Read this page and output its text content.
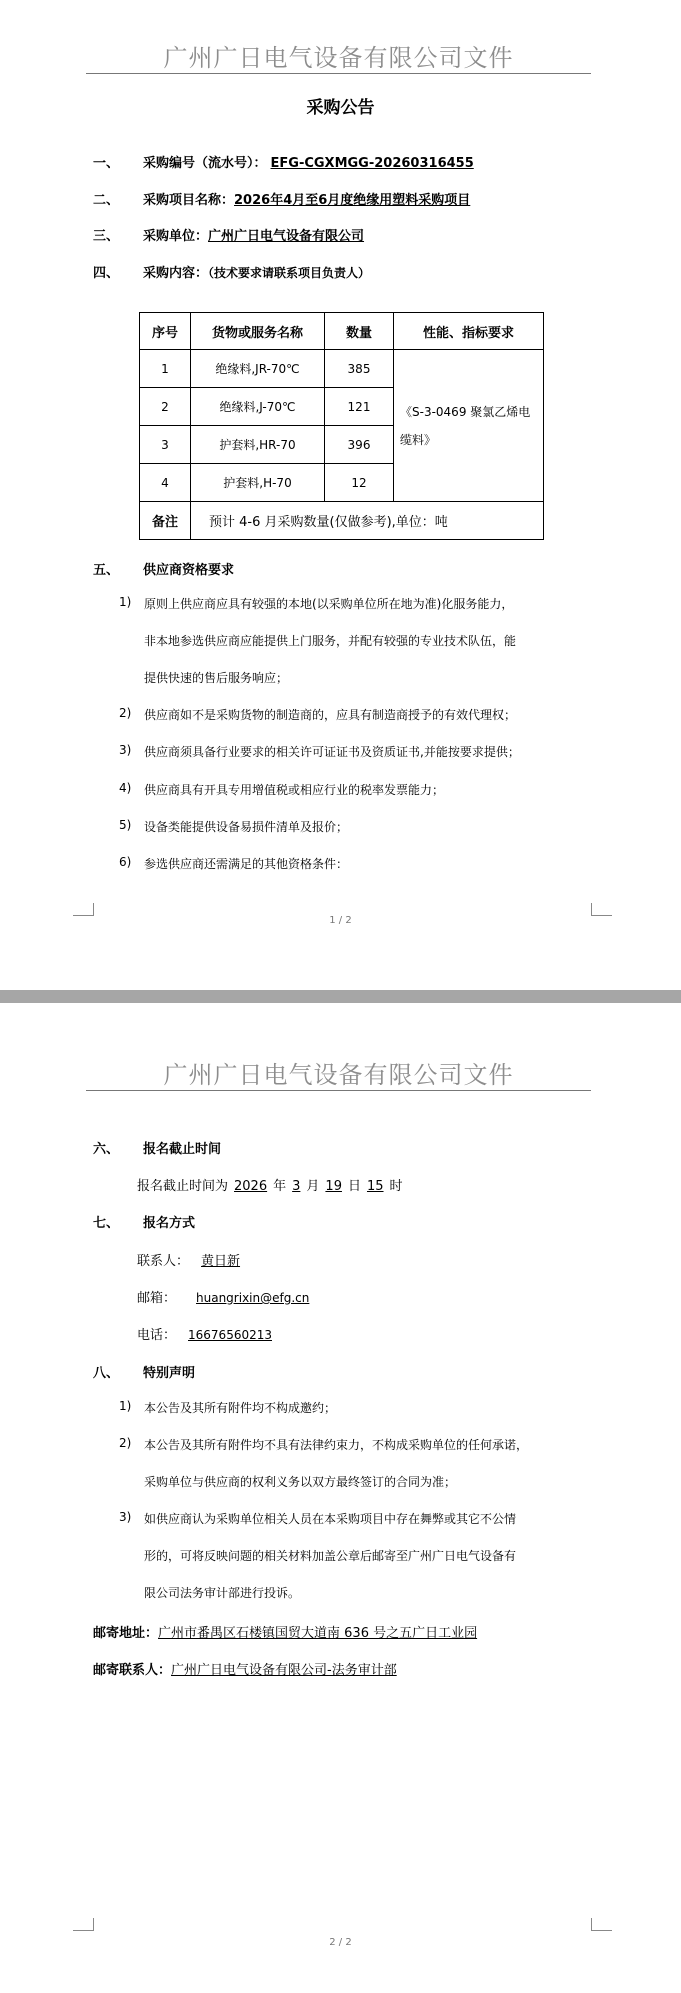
广州广日电气设备有限公司文件
采购公告
一、 采购编号（流水号）： EFG-CGXMGG-20260316455
二、 采购项目名称：2026年4月至6月度绝缘用塑料采购项目
三、 采购单位：广州广日电气设备有限公司
四、 采购内容：（技术要求请联系项目负责人）
序号	货物或服务名称	数量	性能、指标要求
1	绝缘料,JR-70℃	385	《S-3-0469 聚氯乙烯电
缆料》

2	绝缘料,J-70℃	121	
3	护套料,HR-70	396	
4	护套料,H-70	12	
备注	预计 4-6 月采购数量(仅做参考),单位：吨		
五、 供应商资格要求
1) 原则上供应商应具有较强的本地(以采购单位所在地为准)化服务能力，
非本地参选供应商应能提供上门服务，并配有较强的专业技术队伍，能
提供快速的售后服务响应；
2) 供应商如不是采购货物的制造商的，应具有制造商授予的有效代理权；
3) 供应商须具备行业要求的相关许可证证书及资质证书,并能按要求提供；
4) 供应商具有开具专用增值税或相应行业的税率发票能力；
5) 设备类能提供设备易损件清单及报价；
6) 参选供应商还需满足的其他资格条件：
1 / 2
广州广日电气设备有限公司文件
六、 报名截止时间
报名截止时间为 2026 年 3 月 19 日 15 时
七、 报名方式
联系人： 黄日新
邮箱： huangrixin@efg.cn
电话： 16676560213
八、 特别声明
1) 本公告及其所有附件均不构成邀约；
2) 本公告及其所有附件均不具有法律约束力，不构成采购单位的任何承诺，
采购单位与供应商的权利义务以双方最终签订的合同为准；
3) 如供应商认为采购单位相关人员在本采购项目中存在舞弊或其它不公情
形的，可将反映问题的相关材料加盖公章后邮寄至广州广日电气设备有
限公司法务审计部进行投诉。
邮寄地址：广州市番禺区石楼镇国贸大道南 636 号之五广日工业园
邮寄联系人：广州广日电气设备有限公司-法务审计部
2 / 2
